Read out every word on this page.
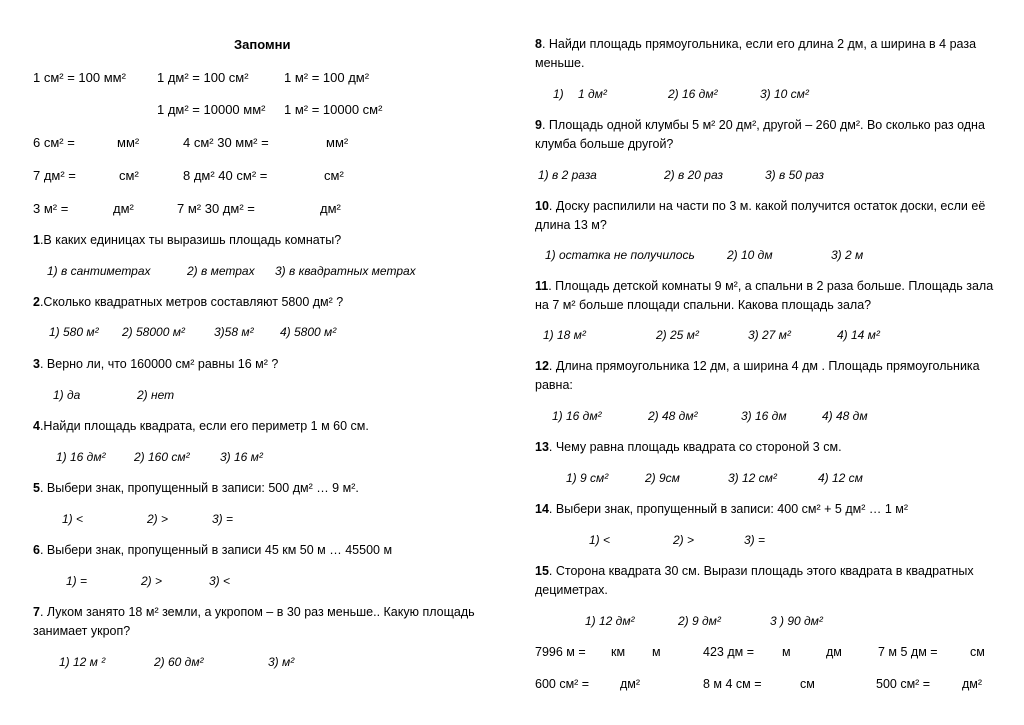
Запомни
1 см² = 100 мм² 1 дм² = 100 см²	1 м² = 100 дм²
1 дм² = 10000 мм² 1 м² = 10000 см²
6 см² =	мм²	4 см² 30 мм² =	мм²
7 дм² =	см²	8 дм² 40 см² =	см²
3 м² =	дм²	7 м² 30 дм² =	дм²
1.В каких единицах ты выразишь площадь комнаты?
1) в сантиметрах	2) в метрах 3) в квадратных метрах
2.Сколько квадратных метров составляют 5800 дм² ?
1) 580 м² 2) 58000 м² 3)58 м² 4) 5800 м²
3. Верно ли, что 160000 см² равны 16 м² ?
1) да	2) нет
4.Найди площадь квадрата, если его периметр 1 м 60 см.
1) 16 дм² 2) 160 см²	3) 16 м²
5. Выбери знак, пропущенный в записи: 500 дм² … 9 м².
1) <	2) >	3) =
6. Выбери знак, пропущенный в записи 45 км 50 м … 45500 м
1) =	2) >	3) <
7. Луком занято 18 м² земли, а укропом – в 30 раз меньше.. Какую площадь
занимает укроп?
1) 12 м ²	2) 60 дм²	3) м²
8. Найди площадь прямоугольника, если его длина 2 дм, а ширина в 4 раза
меньше.
1) 1 дм²	2) 16 дм²	3) 10 см²
9. Площадь одной клумбы 5 м² 20 дм², другой – 260 дм². Во сколько раз одна
клумба больше другой?
1) в 2 раза	2) в 20 раз	3) в 50 раз
10. Доску распилили на части по 3 м. какой получится остаток доски, если её
длина 13 м?
1) остатка не получилось	2) 10 дм	3) 2 м
11. Площадь детской комнаты 9 м², а спальни в 2 раза больше. Площадь зала
на 7 м² больше площади спальни. Какова площадь зала?
1) 18 м²	2) 25 м²	3) 27 м²	4) 14 м²
12. Длина прямоугольника 12 дм, а ширина 4 дм . Площадь прямоугольника
равна:
1) 16 дм²	2) 48 дм²	3) 16 дм	4) 48 дм
13. Чему равна площадь квадрата со стороной 3 см.
1) 9 см²	2) 9см	3) 12 см²	4) 12 см
14. Выбери знак, пропущенный в записи: 400 см² + 5 дм² … 1 м²
1) <	2) >	3) =
15. Сторона квадрата 30 см. Вырази площадь этого квадрата в квадратных
дециметрах.
1) 12 дм²	2) 9 дм²	3 ) 90 дм²
7996 м = км м	423 дм = м	дм	7 м 5 дм =	см
600 см² = дм²	8 м 4 см =	см	500 см² =	дм²
